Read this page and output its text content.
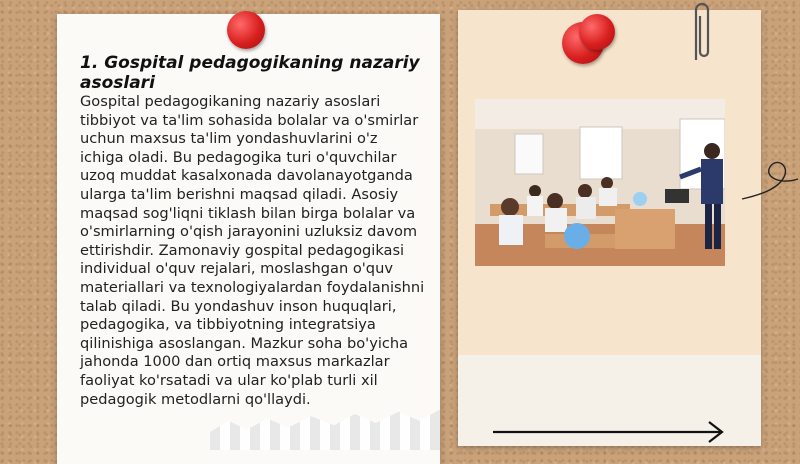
1. Gospital pedagogikaning nazariy asoslari
Gospital pedagogikaning nazariy asoslari tibbiyot va ta'lim sohasida bolalar va o'smirlar uchun maxsus ta'lim yondashuvlarini o'z ichiga oladi. Bu pedagogika turi o'quvchilar uzoq muddat kasalxonada davolanayotganda ularga ta'lim berishni maqsad qiladi. Asosiy maqsad sog'liqni tiklash bilan birga bolalar va o'smirlarning o'qish jarayonini uzluksiz davom ettirishdir. Zamonaviy gospital pedagogikasi individual o'quv rejalari, moslashgan o'quv materiallari va texnologiyalardan foydalanishni talab qiladi. Bu yondashuv inson huquqlari, pedagogika, va tibbiyotning integratsiya qilinishiga asoslangan. Mazkur soha bo'yicha jahonda 1000 dan ortiq maxsus markazlar faoliyat ko'rsatadi va ular ko'plab turli xil pedagogik metodlarni qo'llaydi.
